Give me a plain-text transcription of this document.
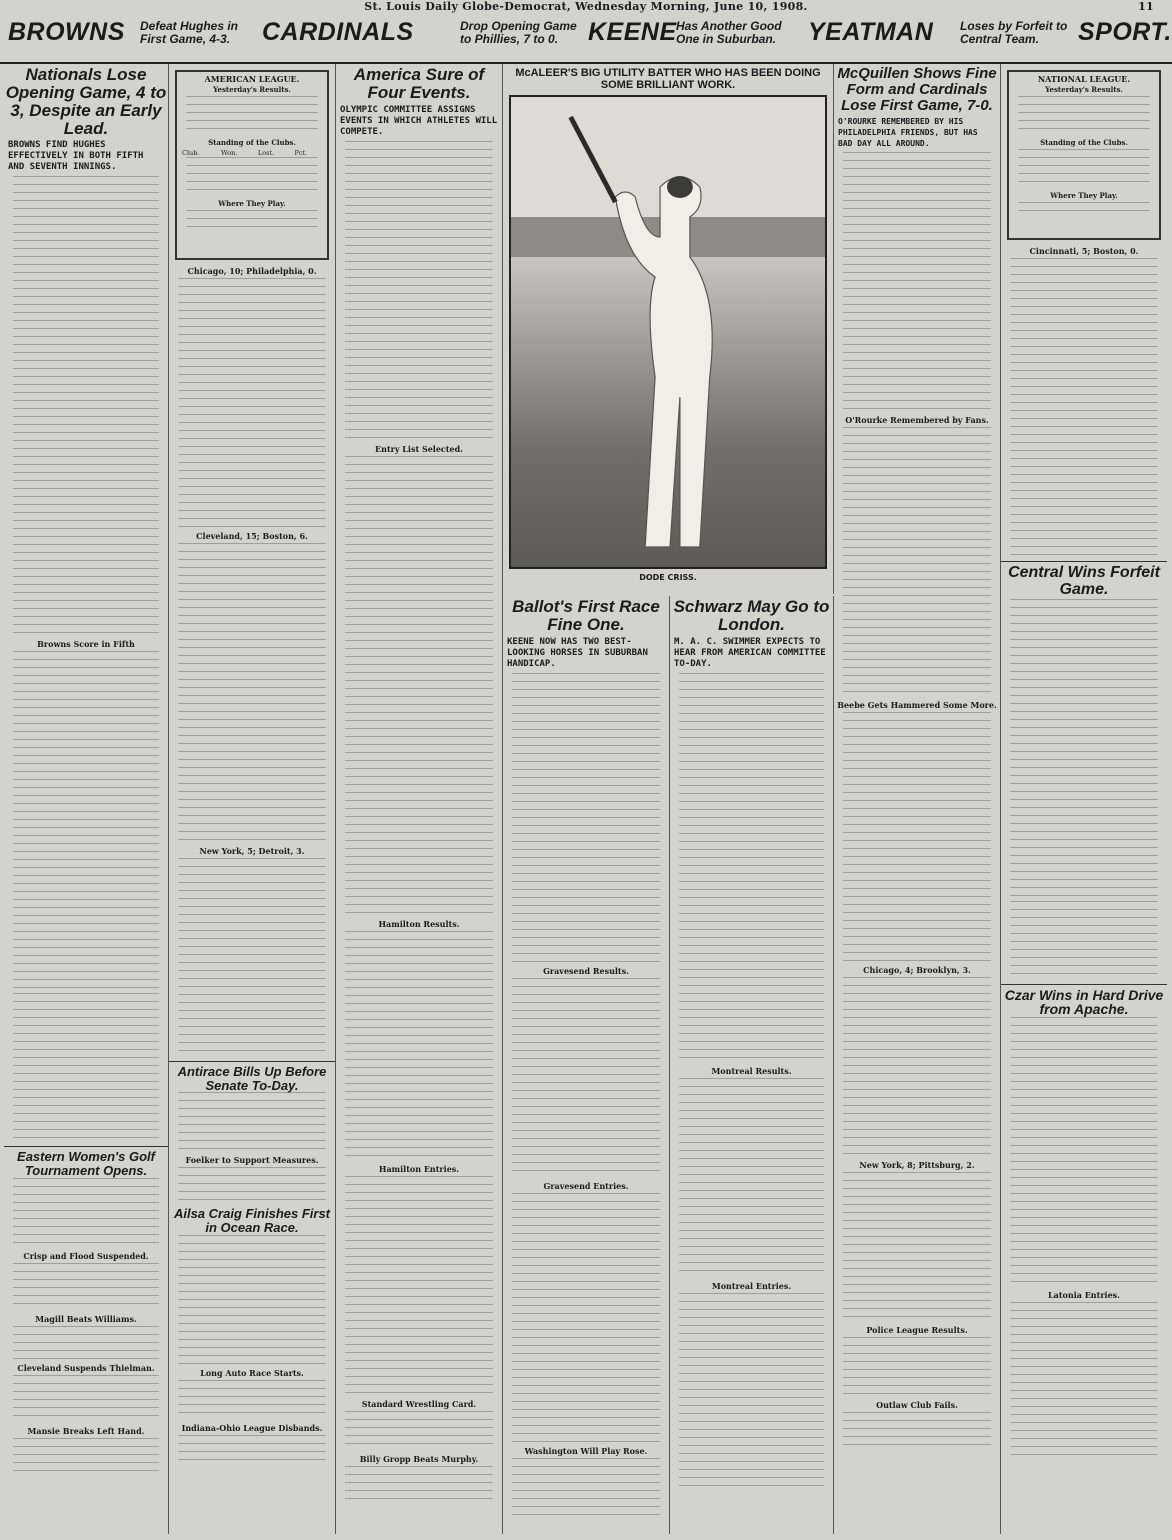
St. Louis Daily Globe-Democrat, Wednesday Morning, June 10, 1908.	11
BROWNS Defeat Hughes in First Game, 4-3.	CARDINALS	Drop Opening Game to Phillies, 7 to 0.	KEENE Has Another Good One in Suburban.	YEATMAN Loses by Forfeit to Central Team.	SPORT.
Nationals Lose Opening Game, 4 to 3, Despite an Early Lead.
BROWNS FIND HUGHES EFFECTIVELY IN BOTH FIFTH AND SEVENTH INNINGS.
Browns Score in Fifth
Eastern Women's Golf Tournament Opens.
Crisp and Flood Suspended.
Magill Beats Williams.
Cleveland Suspends Thielman.
Mansie Breaks Left Hand.
AMERICAN LEAGUE.
Yesterday's Results.
Standing of the Clubs.
Club.	Won.	Lost.	Pct.
Where They Play.
Chicago, 10; Philadelphia, 0.
Cleveland, 15; Boston, 6.
New York, 5; Detroit, 3.
Antirace Bills Up Before Senate To-Day.
Foelker to Support Measures.
Ailsa Craig Finishes First in Ocean Race.
Long Auto Race Starts.
Indiana-Ohio League Disbands.
America Sure of Four Events.
OLYMPIC COMMITTEE ASSIGNS EVENTS IN WHICH ATHLETES WILL COMPETE.
Entry List Selected.
Hamilton Results.
Hamilton Entries.
Standard Wrestling Card.
Billy Gropp Beats Murphy.
McALEER'S BIG UTILITY BATTER WHO HAS BEEN DOING SOME BRILLIANT WORK.
DODE CRISS.
Ballot's First Race Fine One.
KEENE NOW HAS TWO BEST-LOOKING HORSES IN SUBURBAN HANDICAP.
Gravesend Results.
Gravesend Entries.
Washington Will Play Rose.
Schwarz May Go to London.
M. A. C. SWIMMER EXPECTS TO HEAR FROM AMERICAN COMMITTEE TO-DAY.
Montreal Results.
Montreal Entries.
McQuillen Shows Fine Form and Cardinals Lose First Game, 7-0.
O'ROURKE REMEMBERED BY HIS PHILADELPHIA FRIENDS, BUT HAS BAD DAY ALL AROUND.
O'Rourke Remembered by Fans.
Beebe Gets Hammered Some More.
Chicago, 4; Brooklyn, 3.
New York, 8; Pittsburg, 2.
Police League Results.
Outlaw Club Fails.
NATIONAL LEAGUE.
Yesterday's Results.
Standing of the Clubs.
Where They Play.
Cincinnati, 5; Boston, 0.
Central Wins Forfeit Game.
Czar Wins in Hard Drive from Apache.
Latonia Entries.
